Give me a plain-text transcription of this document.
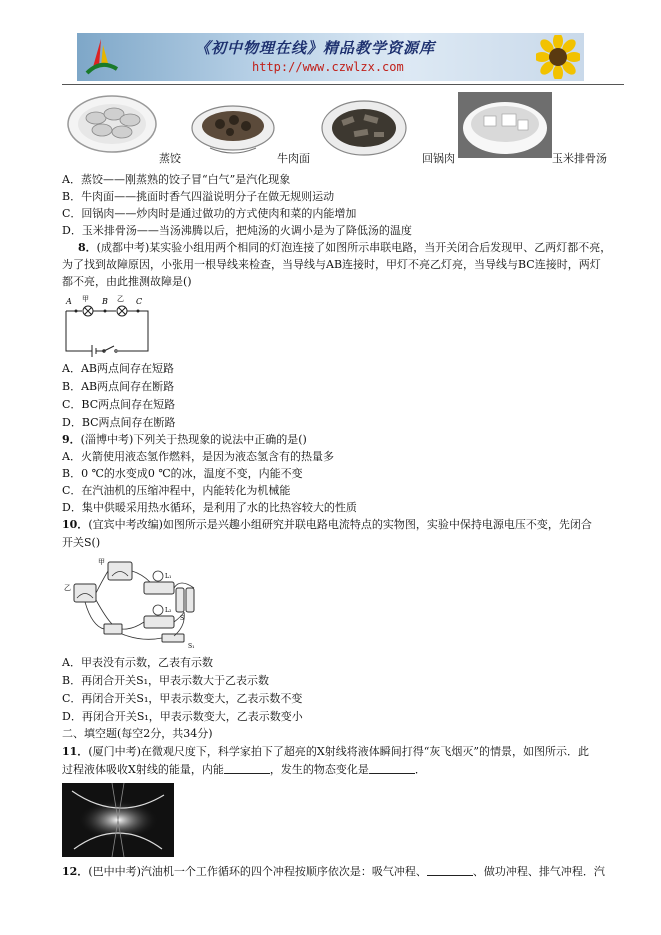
《初中物理在线》精品教学资源库
http://www.czwlzx.com
蒸饺	牛肉面	回锅肉	玉米排骨汤
A．蒸饺——刚蒸熟的饺子冒“白气”是汽化现象
B．牛肉面——挑面时香气四溢说明分子在做无规则运动
C．回锅肉——炒肉时是通过做功的方式使肉和菜的内能增加
D．玉米排骨汤——当汤沸腾以后，把炖汤的火调小是为了降低汤的温度
8．(成都中考)某实验小组用两个相同的灯泡连接了如图所示串联电路，当开关闭合后发现甲、乙两灯都不亮，
为了找到故障原因，小张用一根导线来检查，当导线与AB连接时，甲灯不亮乙灯亮，当导线与BC连接时，两灯
都不亮，由此推测故障是()
A 甲 B 乙 C
A．AB两点间存在短路
B．AB两点间存在断路
C．BC两点间存在短路
D．BC两点间存在断路
9．(淄博中考)下列关于热现象的说法中正确的是()
A．火箭使用液态氢作燃料，是因为液态氢含有的热量多
B．0 ℃的水变成0 ℃的冰，温度不变，内能不变
C．在汽油机的压缩冲程中，内能转化为机械能
D．集中供暖采用热水循环，是利用了水的比热容较大的性质
10．(宜宾中考改编)如图所示是兴趣小组研究并联电路电流特点的实物图，实验中保持电源电压不变，先闭合
开关S()
甲
乙
L₁
L₂
S
S₁
A．甲表没有示数，乙表有示数
B．再闭合开关S₁，甲表示数大于乙表示数
C．再闭合开关S₁，甲表示数变大，乙表示数不变
D．再闭合开关S₁，甲表示数变大，乙表示数变小
二、填空题(每空2分，共34分)
11．(厦门中考)在微观尺度下，科学家拍下了超亮的X射线将液体瞬间打得“灰飞烟灭”的情景，如图所示．此
过程液体吸收X射线的能量，内能	，发生的物态变化是	．
12．(巴中中考)汽油机一个工作循环的四个冲程按顺序依次是：吸气冲程、	、做功冲程、排气冲程．汽
